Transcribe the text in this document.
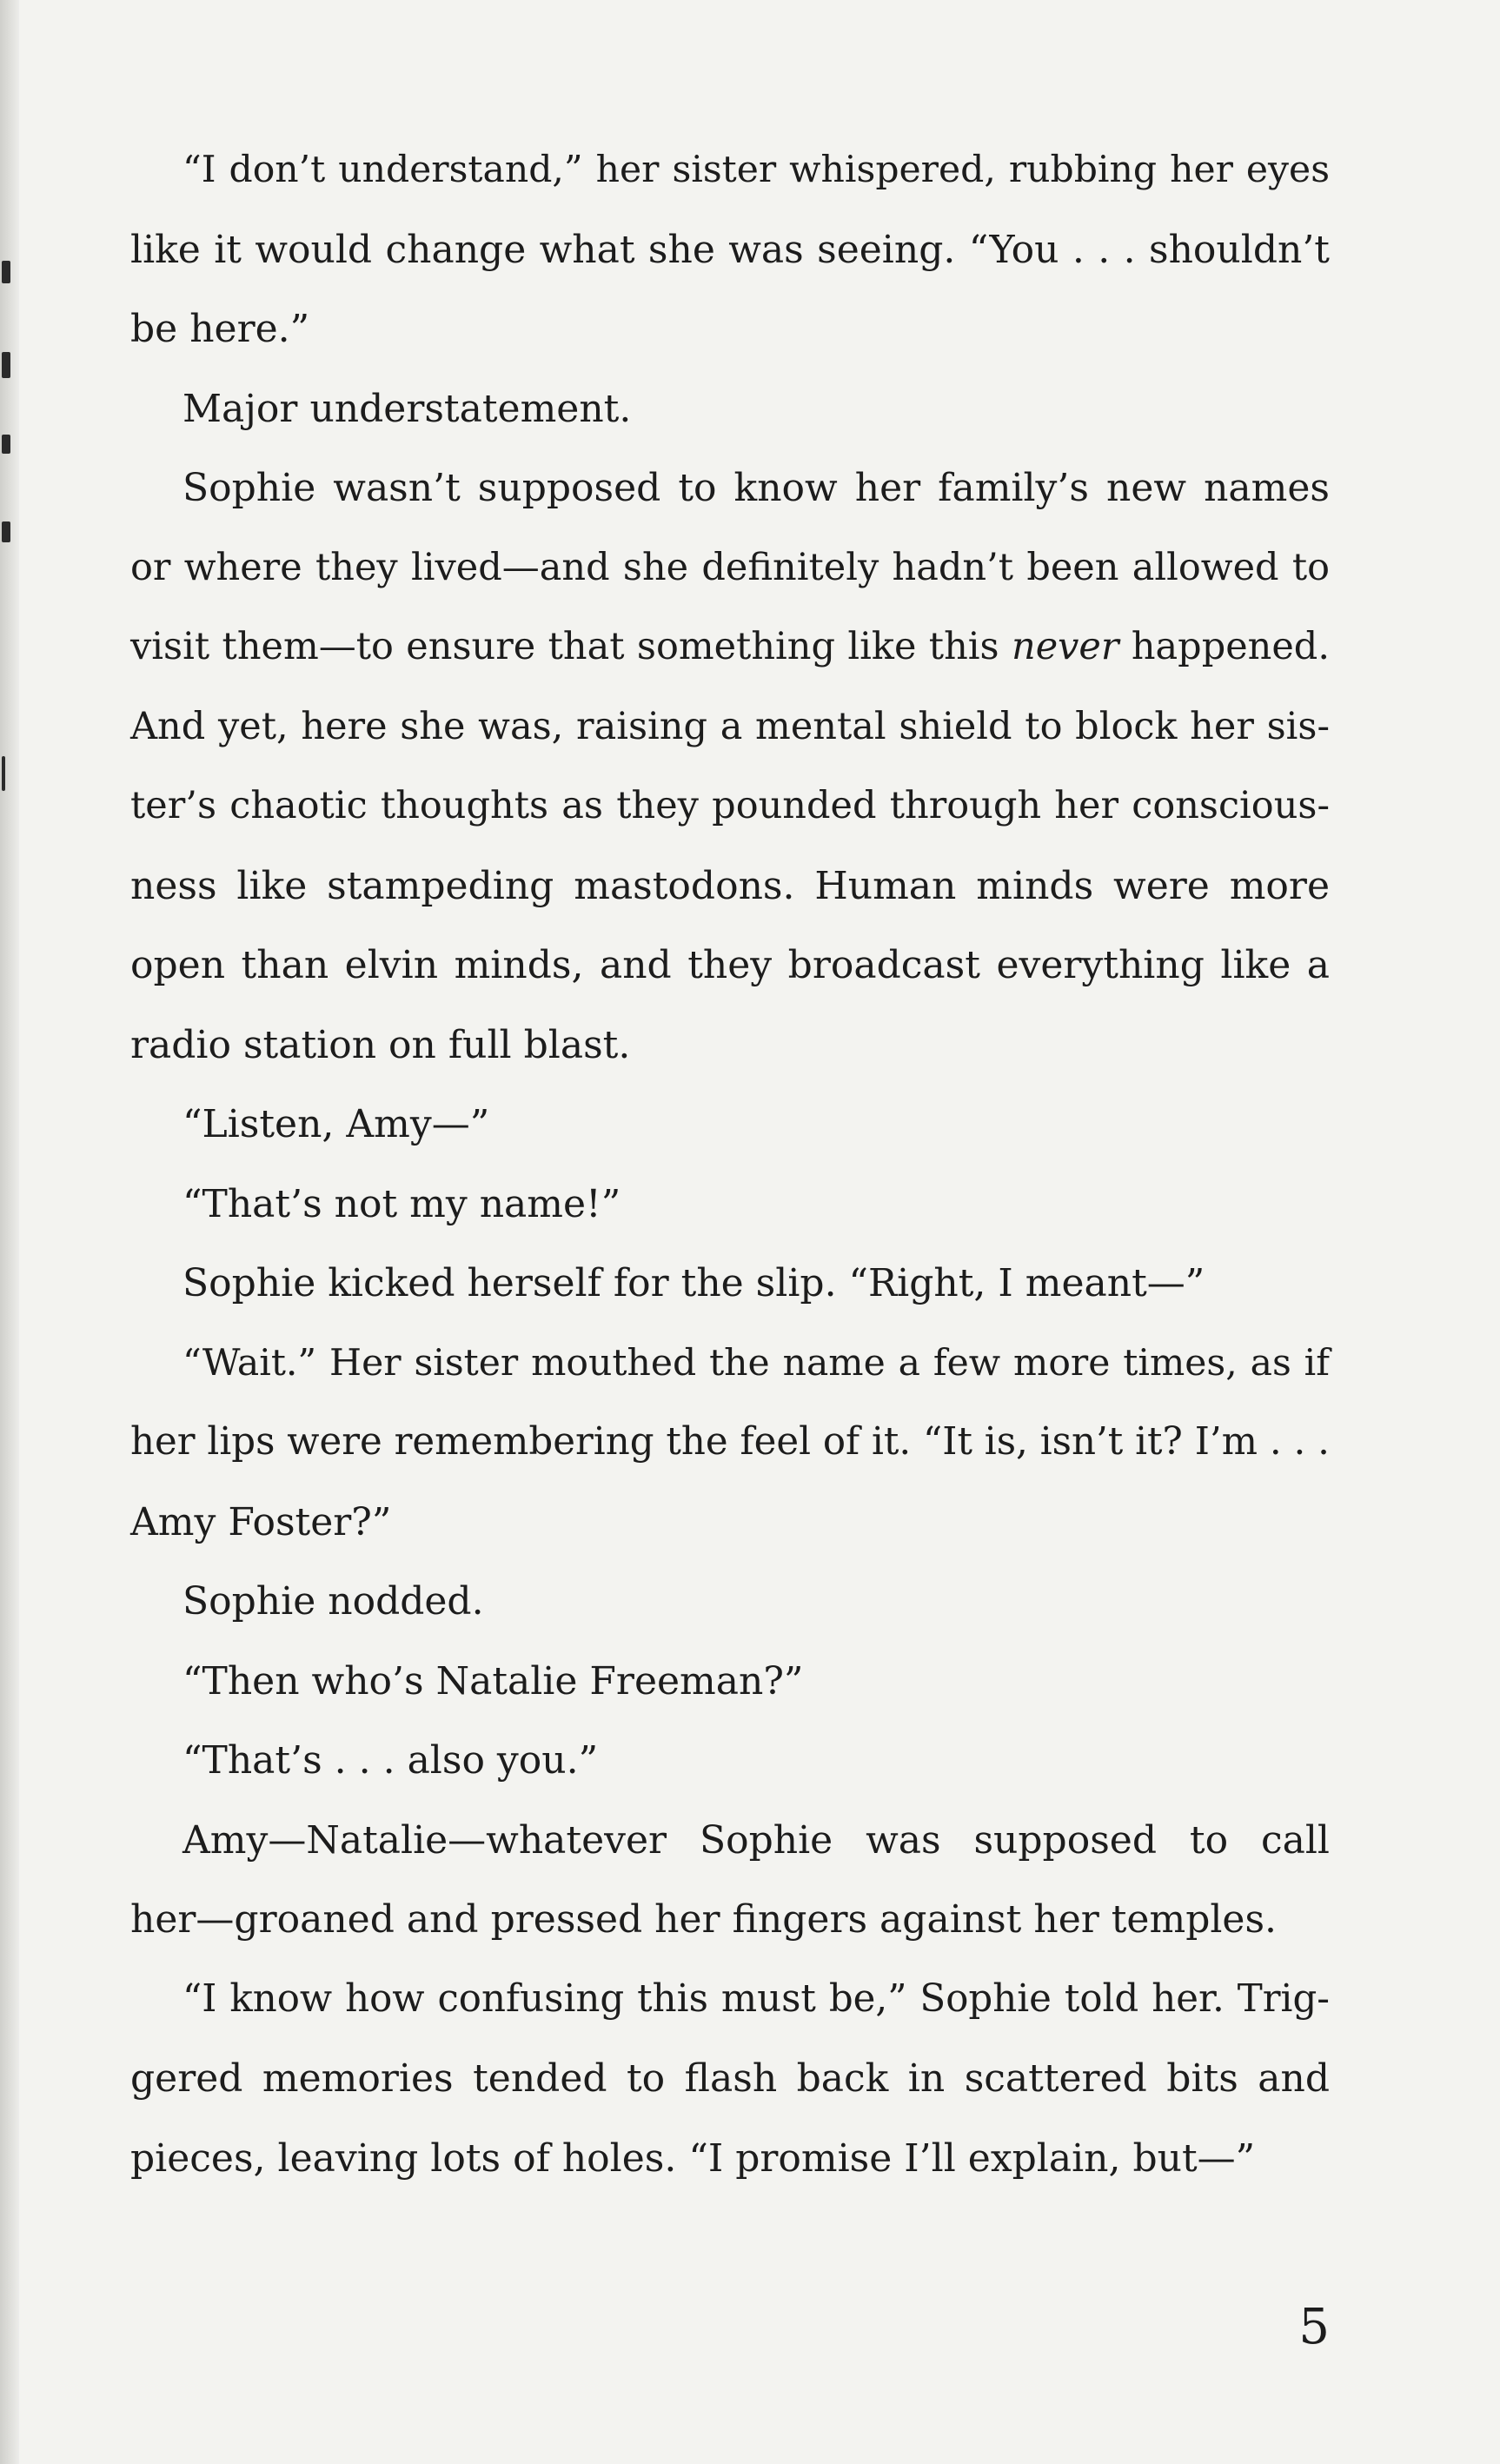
“I don’t understand,” her sister whispered, rubbing her eyes
like it would change what she was seeing. “You . . . shouldn’t
be here.”
Major understatement.
Sophie wasn’t supposed to know her family’s new names
or where they lived—and she definitely hadn’t been allowed to
visit them—to ensure that something like this never happened.
And yet, here she was, raising a mental shield to block her sis-
ter’s chaotic thoughts as they pounded through her conscious-
ness like stampeding mastodons. Human minds were more
open than elvin minds, and they broadcast everything like a
radio station on full blast.
“Listen, Amy—”
“That’s not my name!”
Sophie kicked herself for the slip. “Right, I meant—”
“Wait.” Her sister mouthed the name a few more times, as if
her lips were remembering the feel of it. “It is, isn’t it? I’m . . .
Amy Foster?”
Sophie nodded.
“Then who’s Natalie Freeman?”
“That’s . . . also you.”
Amy—Natalie—whatever Sophie was supposed to call
her—groaned and pressed her fingers against her temples.
“I know how confusing this must be,” Sophie told her. Trig-
gered memories tended to flash back in scattered bits and
pieces, leaving lots of holes. “I promise I’ll explain, but—”
5
